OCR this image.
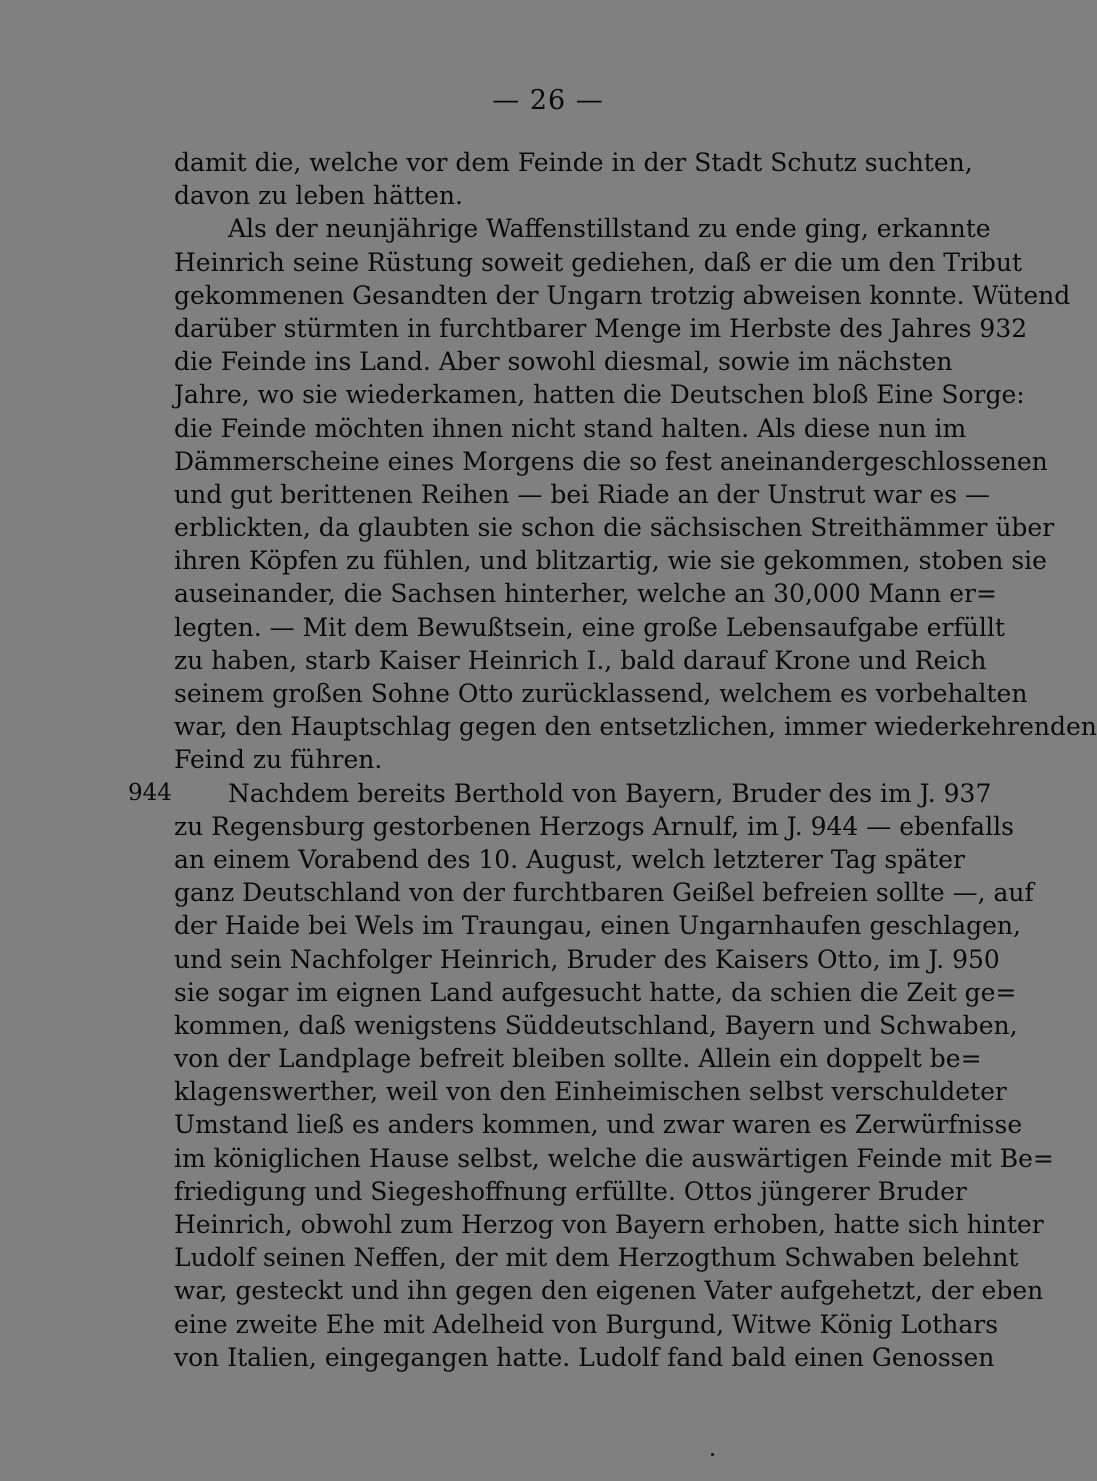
— 26 —
944
damit die, welche vor dem Feinde in der Stadt Schutz suchten,
davon zu leben hätten.
Als der neunjährige Waffenstillstand zu ende ging, erkannte
Heinrich seine Rüstung soweit gediehen, daß er die um den Tribut
gekommenen Gesandten der Ungarn trotzig abweisen konnte. Wütend
darüber stürmten in furchtbarer Menge im Herbste des Jahres 932
die Feinde ins Land. Aber sowohl diesmal, sowie im nächsten
Jahre, wo sie wiederkamen, hatten die Deutschen bloß Eine Sorge:
die Feinde möchten ihnen nicht stand halten. Als diese nun im
Dämmerscheine eines Morgens die so fest aneinandergeschlossenen
und gut berittenen Reihen — bei Riade an der Unstrut war es —
erblickten, da glaubten sie schon die sächsischen Streithämmer über
ihren Köpfen zu fühlen, und blitzartig, wie sie gekommen, stoben sie
auseinander, die Sachsen hinterher, welche an 30,000 Mann er=
legten. — Mit dem Bewußtsein, eine große Lebensaufgabe erfüllt
zu haben, starb Kaiser Heinrich I., bald darauf Krone und Reich
seinem großen Sohne Otto zurücklassend, welchem es vorbehalten
war, den Hauptschlag gegen den entsetzlichen, immer wiederkehrenden
Feind zu führen.
Nachdem bereits Berthold von Bayern, Bruder des im J. 937
zu Regensburg gestorbenen Herzogs Arnulf, im J. 944 — ebenfalls
an einem Vorabend des 10. August, welch letzterer Tag später
ganz Deutschland von der furchtbaren Geißel befreien sollte —, auf
der Haide bei Wels im Traungau, einen Ungarnhaufen geschlagen,
und sein Nachfolger Heinrich, Bruder des Kaisers Otto, im J. 950
sie sogar im eignen Land aufgesucht hatte, da schien die Zeit ge=
kommen, daß wenigstens Süddeutschland, Bayern und Schwaben,
von der Landplage befreit bleiben sollte. Allein ein doppelt be=
klagenswerther, weil von den Einheimischen selbst verschuldeter
Umstand ließ es anders kommen, und zwar waren es Zerwürfnisse
im königlichen Hause selbst, welche die auswärtigen Feinde mit Be=
friedigung und Siegeshoffnung erfüllte. Ottos jüngerer Bruder
Heinrich, obwohl zum Herzog von Bayern erhoben, hatte sich hinter
Ludolf seinen Neffen, der mit dem Herzogthum Schwaben belehnt
war, gesteckt und ihn gegen den eigenen Vater aufgehetzt, der eben
eine zweite Ehe mit Adelheid von Burgund, Witwe König Lothars
von Italien, eingegangen hatte. Ludolf fand bald einen Genossen
